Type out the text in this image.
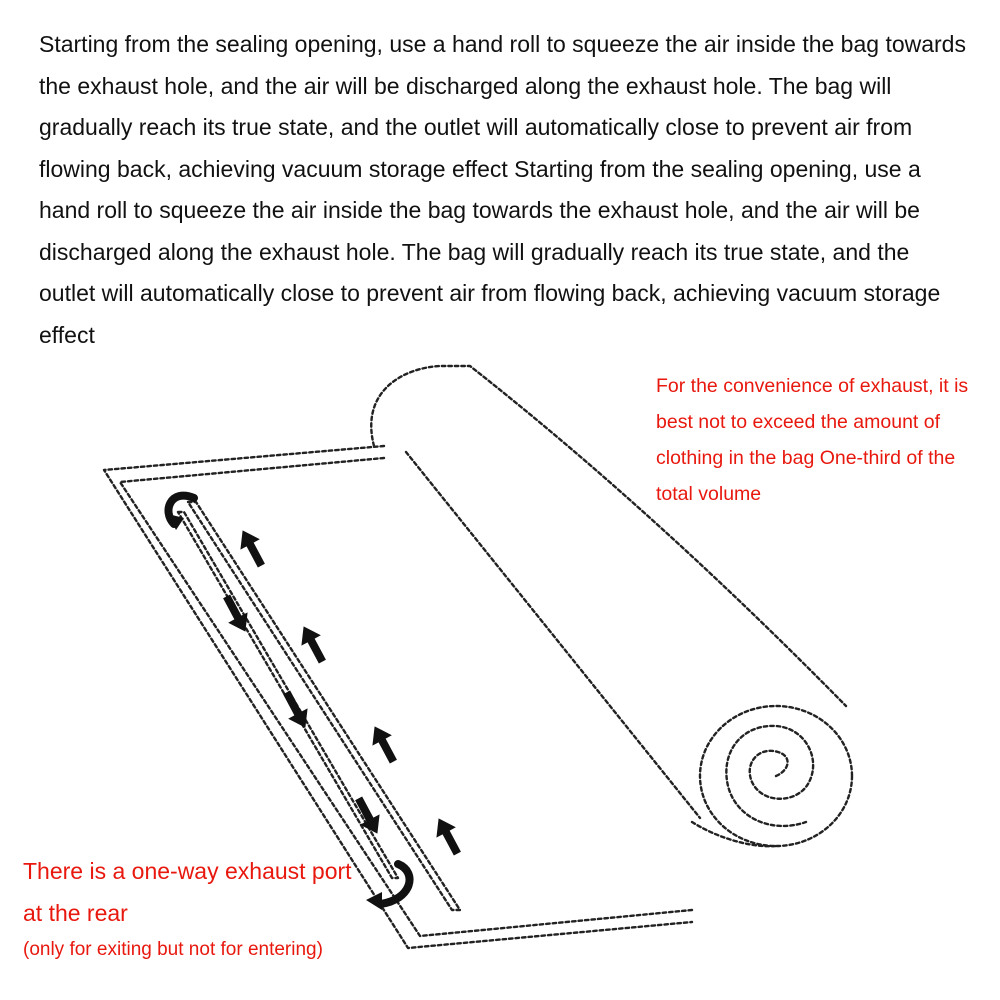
Starting from the sealing opening, use a hand roll to squeeze the air inside the bag towards the exhaust hole, and the air will be discharged along the exhaust hole. The bag will gradually reach its true state, and the outlet will automatically close to prevent air from flowing back, achieving vacuum storage effect Starting from the sealing opening, use a hand roll to squeeze the air inside the bag towards the exhaust hole, and the air will be discharged along the exhaust hole. The bag will gradually reach its true state, and the outlet will automatically close to prevent air from flowing back, achieving vacuum storage effect

For the convenience of exhaust, it is best not to exceed the amount of clothing in the bag One-third of the total volume

There is a one-way exhaust port at the rear

(only for exiting but not for entering)
